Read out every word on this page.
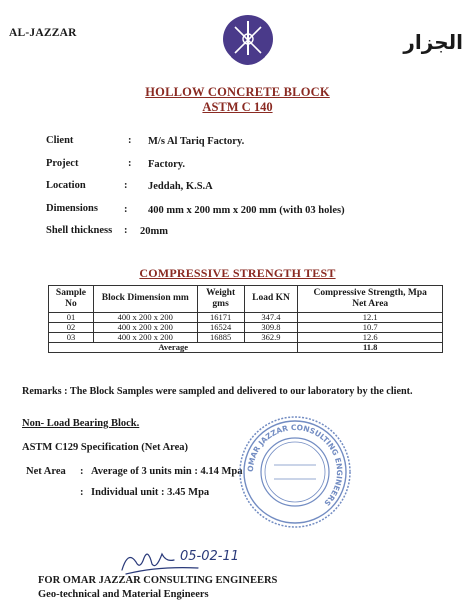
AL-JAZZAR	الجزار
HOLLOW CONCRETE BLOCK
ASTM C 140
Client	: M/s Al Tariq Factory.
Project	: Factory.
Location	: Jeddah, K.S.A
Dimensions : 400 mm x 200 mm x 200 mm (with 03 holes)
Shell thickness : 20mm
COMPRESSIVE STRENGTH TEST
Sample No	Block Dimension mm	Weight gms	Load KN	Compressive Strength, Mpa
				Net Area
01	400 x 200 x 200	16171	347.4	12.1
02	400 x 200 x 200	16524	309.8	10.7
03	400 x 200 x 200	16885	362.9	12.6
Average				11.8
Remarks : The Block Samples were sampled and delivered to our laboratory by the client.
Non- Load Bearing Block.
ASTM C129 Specification (Net Area)
Net Area : Average of 3 units min : 4.14 Mpa
: Individual unit : 3.45 Mpa
OMAR JAZZAR CONSULTING ENGINEERS
05-02-11
FOR OMAR JAZZAR CONSULTING ENGINEERS
Geo-technical and Material Engineers
